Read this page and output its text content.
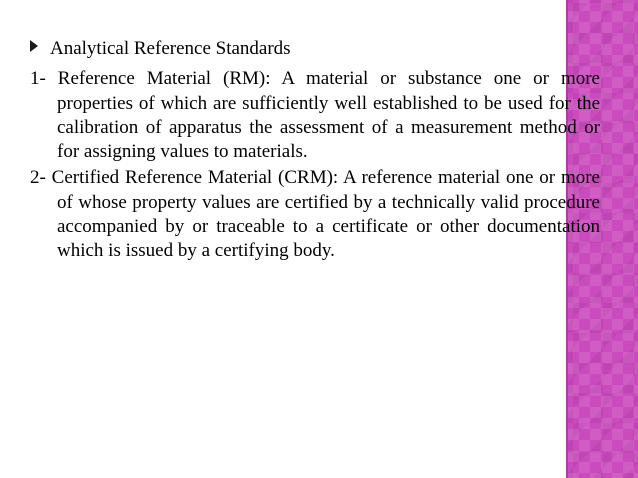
Analytical Reference Standards

1- Reference Material (RM): A material or substance one or more properties of which are sufficiently well established to be used for the calibration of apparatus the assessment of a measurement method or for assigning values to materials.

2- Certified Reference Material (CRM): A reference material one or more of whose property values are certified by a technically valid procedure accompanied by or traceable to a certificate or other documentation which is issued by a certifying body.
